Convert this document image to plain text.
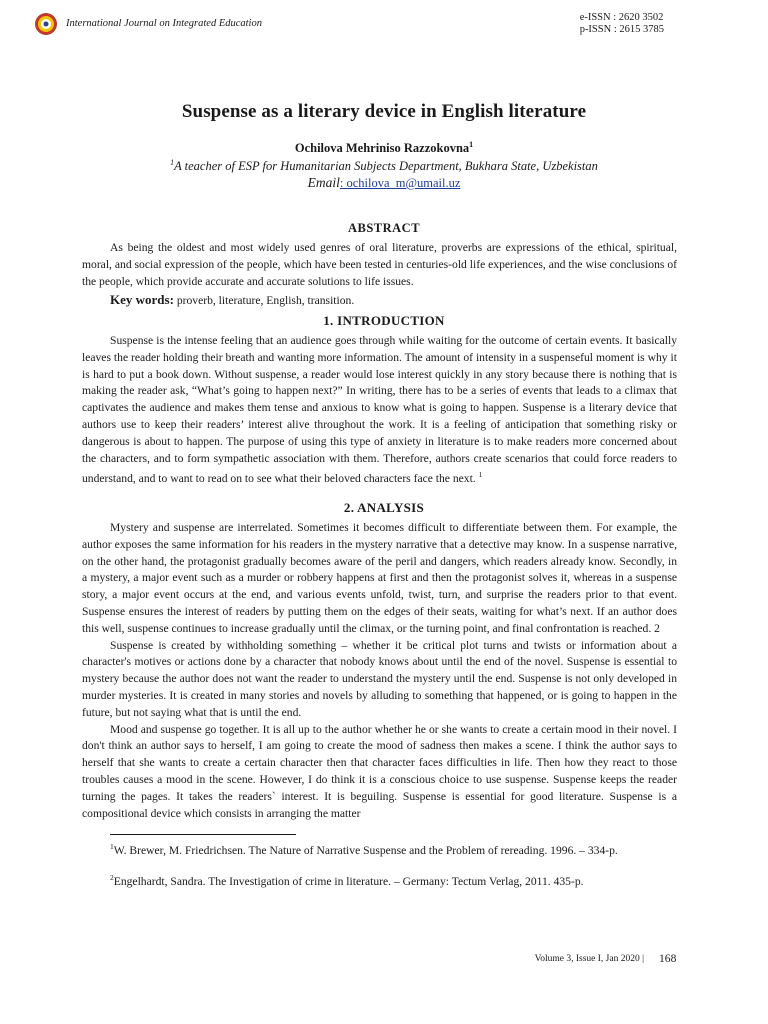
International Journal on Integrated Education
e-ISSN : 2620 3502
p-ISSN : 2615 3785
Suspense as a literary device in English literature
Ochilova Mehriniso Razzokovna$^1$
$^1$A teacher of ESP for Humanitarian Subjects Department, Bukhara State, Uzbekistan
Email: ochilova_m@umail.uz
ABSTRACT

As being the oldest and most widely used genres of oral literature, proverbs are expressions of the ethical, spiritual, moral, and social expression of the people, which have been tested in centuries-old life experiences, and the wise conclusions of the people, which provide accurate and accurate solutions to life issues.

Key words: proverb, literature, English, transition.
1. INTRODUCTION

Suspense is the intense feeling that an audience goes through while waiting for the outcome of certain events. It basically leaves the reader holding their breath and wanting more information. The amount of intensity in a suspenseful moment is why it is hard to put a book down. Without suspense, a reader would lose interest quickly in any story because there is nothing that is making the reader ask, “What’s going to happen next?” In writing, there has to be a series of events that leads to a climax that captivates the audience and makes them tense and anxious to know what is going to happen. Suspense is a literary device that authors use to keep their readers’ interest alive throughout the work. It is a feeling of anticipation that something risky or dangerous is about to happen. The purpose of using this type of anxiety in literature is to make readers more concerned about the characters, and to form sympathetic association with them. Therefore, authors create scenarios that could force readers to understand, and to want to read on to see what their beloved characters face the next. $^1$

2. ANALYSIS

Mystery and suspense are interrelated. Sometimes it becomes difficult to differentiate between them. For example, the author exposes the same information for his readers in the mystery narrative that a detective may know. In a suspense narrative, on the other hand, the protagonist gradually becomes aware of the peril and dangers, which readers already know. Secondly, in a mystery, a major event such as a murder or robbery happens at first and then the protagonist solves it, whereas in a suspense story, a major event occurs at the end, and various events unfold, twist, turn, and surprise the readers prior to that event. Suspense ensures the interest of readers by putting them on the edges of their seats, waiting for what’s next. If an author does this well, suspense continues to increase gradually until the climax, or the turning point, and final confrontation is reached. 2

Suspense is created by withholding something – whether it be critical plot turns and twists or information about a character's motives or actions done by a character that nobody knows about until the end of the novel. Suspense is essential to mystery because the author does not want the reader to understand the mystery until the end. Suspense is not only developed in murder mysteries. It is created in many stories and novels by alluding to something that happened, or is going to happen in the future, but not saying what that is until the end.

Mood and suspense go together. It is all up to the author whether he or she wants to create a certain mood in their novel. I don't think an author says to herself, I am going to create the mood of sadness then makes a scene. I think the author says to herself that she wants to create a certain character then that character faces difficulties in life. Then how they react to those troubles causes a mood in the scene. However, I do think it is a conscious choice to use suspense. Suspense keeps the reader turning the pages. It takes the readers` interest. It is beguiling. Suspense is essential for good literature. Suspense is a compositional device which consists in arranging the matter

$^1$W. Brewer, M. Friedrichsen. The Nature of Narrative Suspense and the Problem of rereading. 1996. – 334-p.
$^2$Engelhardt, Sandra. The Investigation of crime in literature. – Germany: Tectum Verlag, 2011. 435-p.
Volume 3, Issue I, Jan 2020 | 168
